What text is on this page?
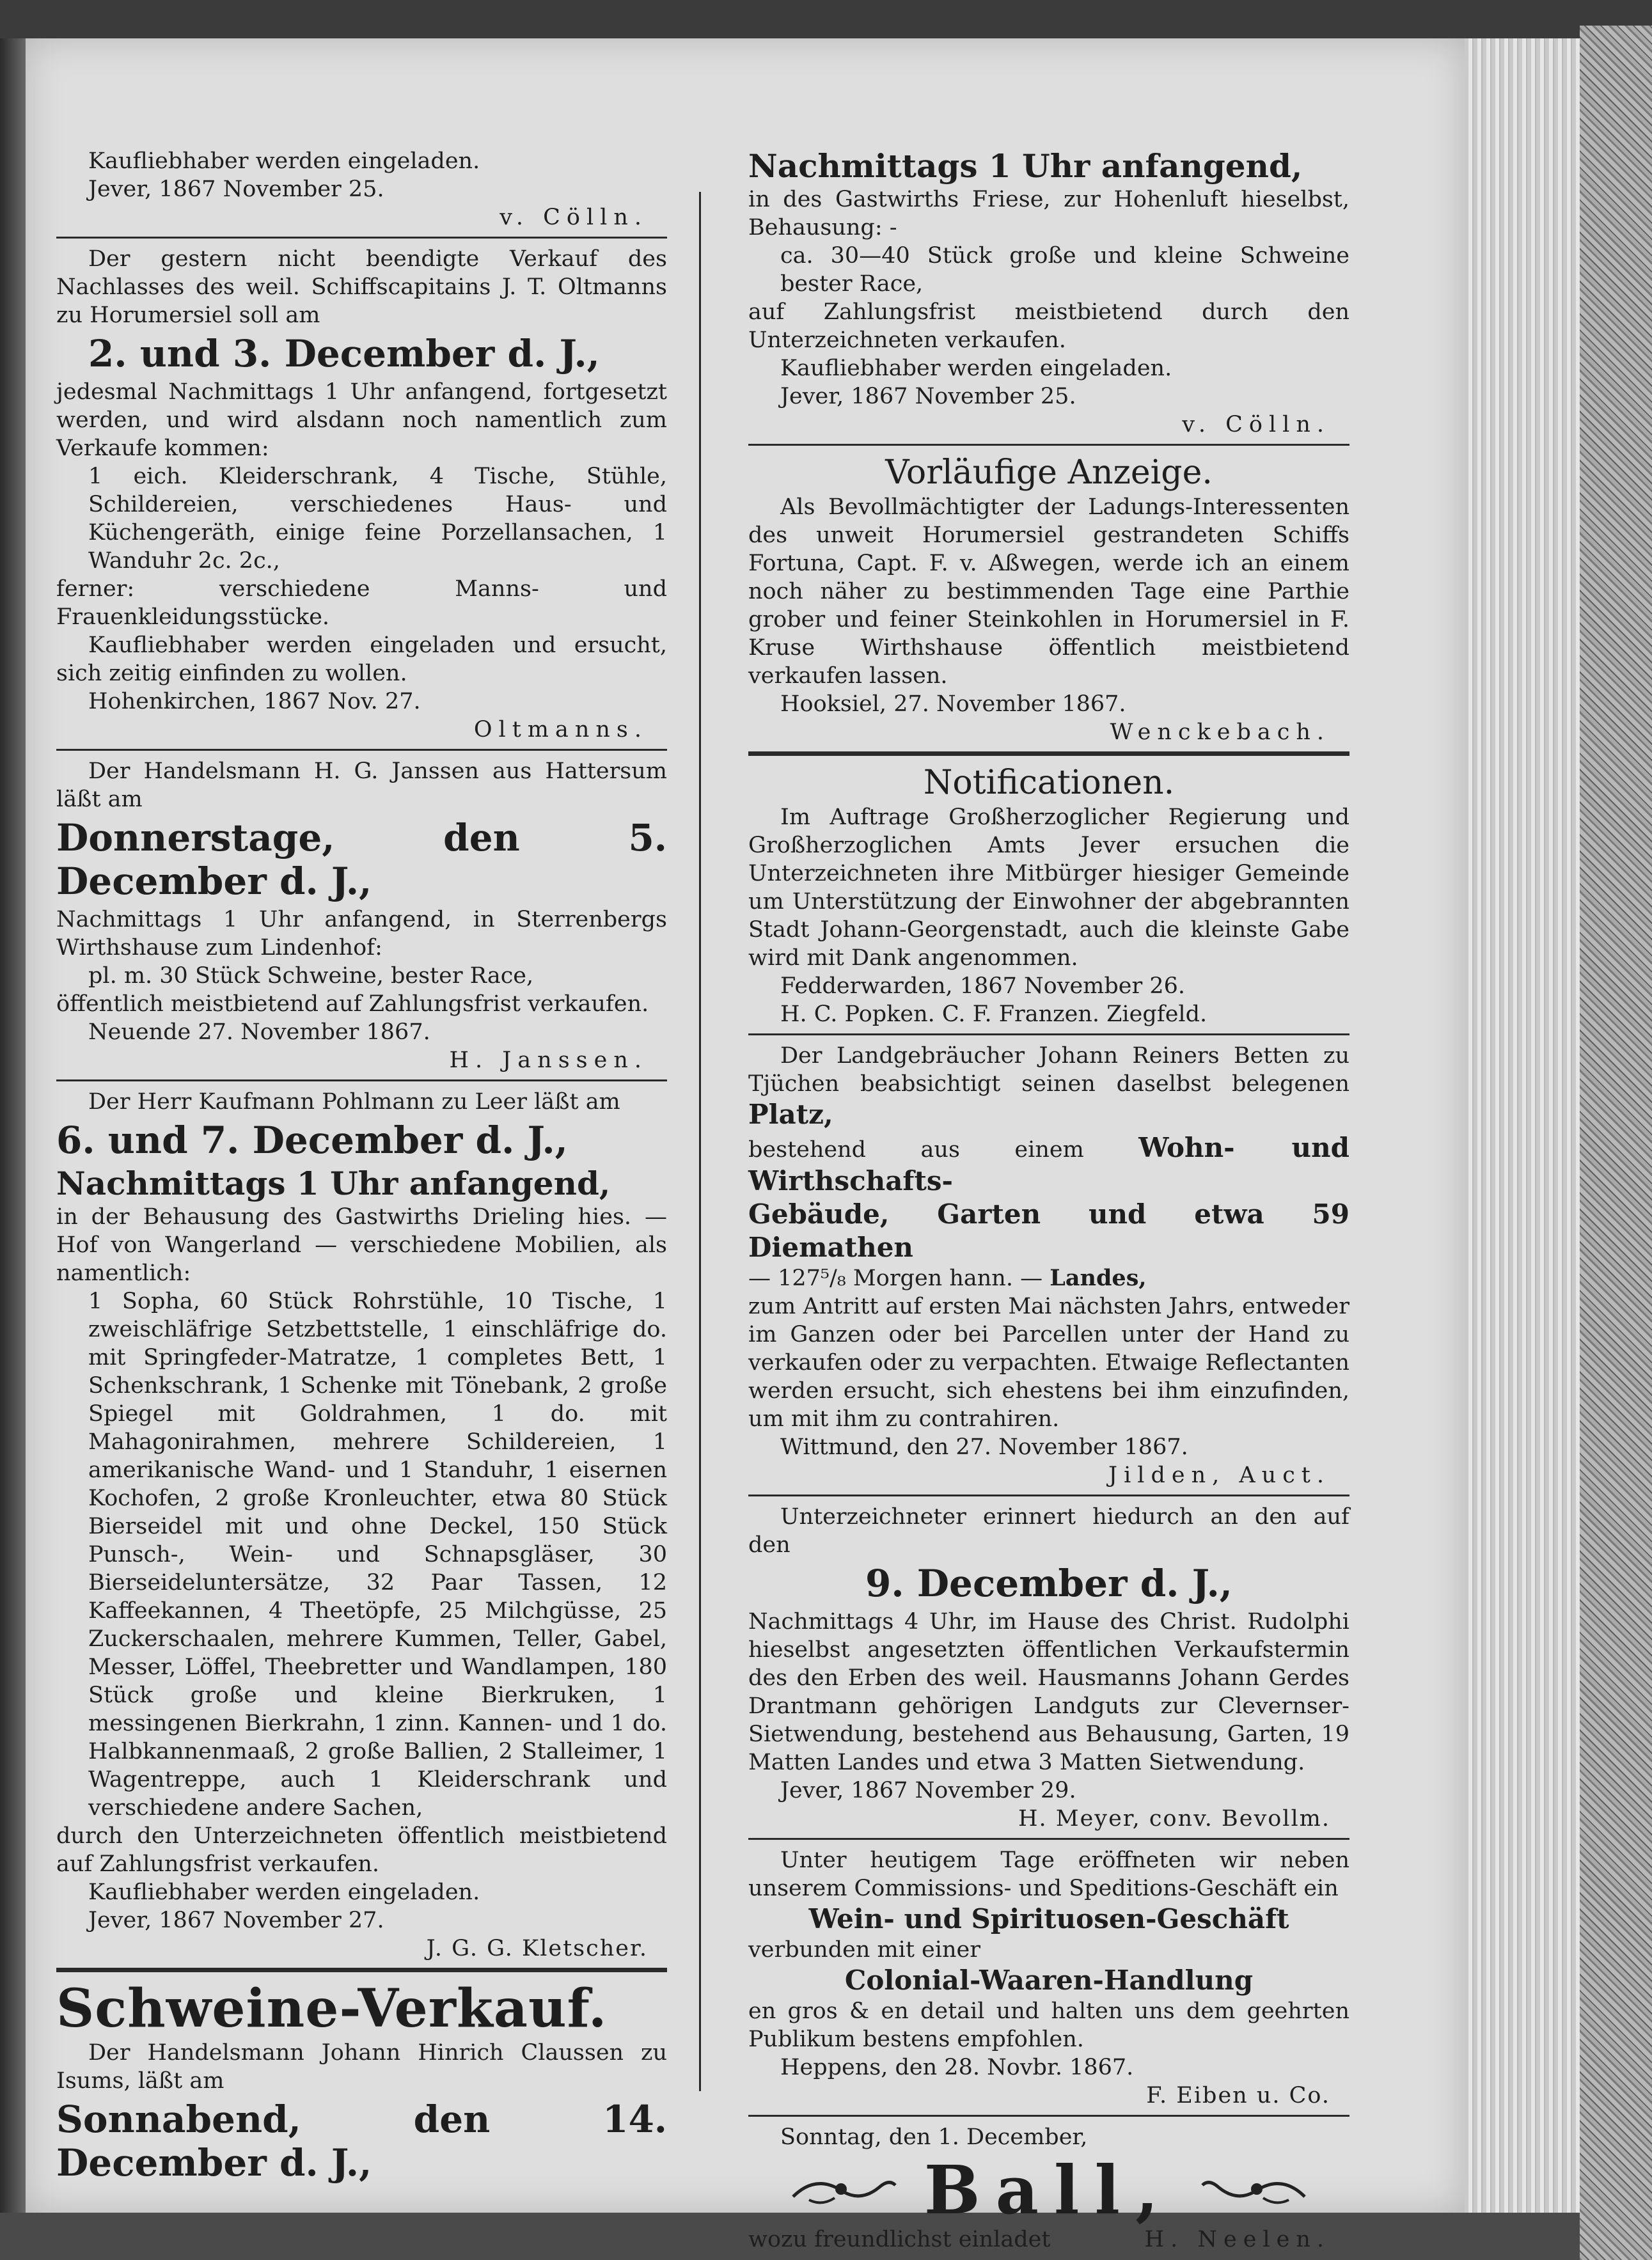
Kaufliebhaber werden eingeladen.

Jever, 1867 November 25.

v. Cölln.

Der gestern nicht beendigte Verkauf des Nachlasses des weil. Schiffscapitains J. T. Oltmanns zu Horumersiel soll am

2. und 3. December d. J.,

jedesmal Nachmittags 1 Uhr anfangend, fortgesetzt werden, und wird alsdann noch namentlich zum Verkaufe kommen:

1 eich. Kleiderschrank, 4 Tische, Stühle, Schildereien, verschiedenes Haus- und Küchengeräth, einige feine Porzellansachen, 1 Wanduhr 2c. 2c.,

ferner: verschiedene Manns- und Frauenkleidungsstücke.

Kaufliebhaber werden eingeladen und ersucht, sich zeitig einfinden zu wollen.

Hohenkirchen, 1867 Nov. 27.

Oltmanns.

Der Handelsmann H. G. Janssen aus Hattersum läßt am

Donnerstage, den 5. December d. J.,

Nachmittags 1 Uhr anfangend, in Sterrenbergs Wirthshause zum Lindenhof:

pl. m. 30 Stück Schweine, bester Race,

öffentlich meistbietend auf Zahlungsfrist verkaufen.

Neuende 27. November 1867.

H. Janssen.

Der Herr Kaufmann Pohlmann zu Leer läßt am

6. und 7. December d. J.,

Nachmittags 1 Uhr anfangend,

in der Behausung des Gastwirths Drieling hies. — Hof von Wangerland — verschiedene Mobilien, als namentlich:

1 Sopha, 60 Stück Rohrstühle, 10 Tische, 1 zweischläfrige Setzbettstelle, 1 einschläfrige do. mit Springfeder-Matratze, 1 completes Bett, 1 Schenkschrank, 1 Schenke mit Tönebank, 2 große Spiegel mit Goldrahmen, 1 do. mit Mahagonirahmen, mehrere Schildereien, 1 amerikanische Wand- und 1 Standuhr, 1 eisernen Kochofen, 2 große Kronleuchter, etwa 80 Stück Bierseidel mit und ohne Deckel, 150 Stück Punsch-, Wein- und Schnapsgläser, 30 Bierseideluntersätze, 32 Paar Tassen, 12 Kaffeekannen, 4 Theetöpfe, 25 Milchgüsse, 25 Zuckerschaalen, mehrere Kummen, Teller, Gabel, Messer, Löffel, Theebretter und Wandlampen, 180 Stück große und kleine Bierkruken, 1 messingenen Bierkrahn, 1 zinn. Kannen- und 1 do. Halbkannenmaaß, 2 große Ballien, 2 Stalleimer, 1 Wagentreppe, auch 1 Kleiderschrank und verschiedene andere Sachen,

durch den Unterzeichneten öffentlich meistbietend auf Zahlungsfrist verkaufen.

Kaufliebhaber werden eingeladen.

Jever, 1867 November 27.

J. G. G. Kletscher.

Schweine-Verkauf.

Der Handelsmann Johann Hinrich Claussen zu Isums, läßt am

Sonnabend, den 14. December d. J.,

Nachmittags 1 Uhr anfangend,

in des Gastwirths Friese, zur Hohenluft hieselbst, Behausung: -

ca. 30—40 Stück große und kleine Schweine bester Race,

auf Zahlungsfrist meistbietend durch den Unterzeichneten verkaufen.

Kaufliebhaber werden eingeladen.

Jever, 1867 November 25.

v. Cölln.

Vorläufige Anzeige.

Als Bevollmächtigter der Ladungs-Interessenten des unweit Horumersiel gestrandeten Schiffs Fortuna, Capt. F. v. Aßwegen, werde ich an einem noch näher zu bestimmenden Tage eine Parthie grober und feiner Steinkohlen in Horumersiel in F. Kruse Wirthshause öffentlich meistbietend verkaufen lassen.

Hooksiel, 27. November 1867.

Wenckebach.

Notificationen.

Im Auftrage Großherzoglicher Regierung und Großherzoglichen Amts Jever ersuchen die Unterzeichneten ihre Mitbürger hiesiger Gemeinde um Unterstützung der Einwohner der abgebrannten Stadt Johann-Georgenstadt, auch die kleinste Gabe wird mit Dank angenommen.

Fedderwarden, 1867 November 26.

H. C. Popken. C. F. Franzen. Ziegfeld.

Der Landgebräucher Johann Reiners Betten zu Tjüchen beabsichtigt seinen daselbst belegenen Platz,

bestehend aus einem Wohn- und Wirthschafts-

Gebäude, Garten und etwa 59 Diemathen

— 127⁵/₈ Morgen hann. — Landes,

zum Antritt auf ersten Mai nächsten Jahrs, entweder im Ganzen oder bei Parcellen unter der Hand zu verkaufen oder zu verpachten. Etwaige Reflectanten werden ersucht, sich ehestens bei ihm einzufinden, um mit ihm zu contrahiren.

Wittmund, den 27. November 1867.

Jilden, Auct.

Unterzeichneter erinnert hiedurch an den auf den

9. December d. J.,

Nachmittags 4 Uhr, im Hause des Christ. Rudolphi hieselbst angesetzten öffentlichen Verkaufstermin des den Erben des weil. Hausmanns Johann Gerdes Drantmann gehörigen Landguts zur Clevernser-Sietwendung, bestehend aus Behausung, Garten, 19 Matten Landes und etwa 3 Matten Sietwendung.

Jever, 1867 November 29.

H. Meyer, conv. Bevollm.

Unter heutigem Tage eröffneten wir neben unserem Commissions- und Speditions-Geschäft ein

Wein- und Spirituosen-Geschäft

verbunden mit einer

Colonial-Waaren-Handlung

en gros & en detail und halten uns dem geehrten Publikum bestens empfohlen.

Heppens, den 28. Novbr. 1867.

F. Eiben u. Co.

Sonntag, den 1. December,

Ball,
wozu freundlichst einladet	H. Neelen.
